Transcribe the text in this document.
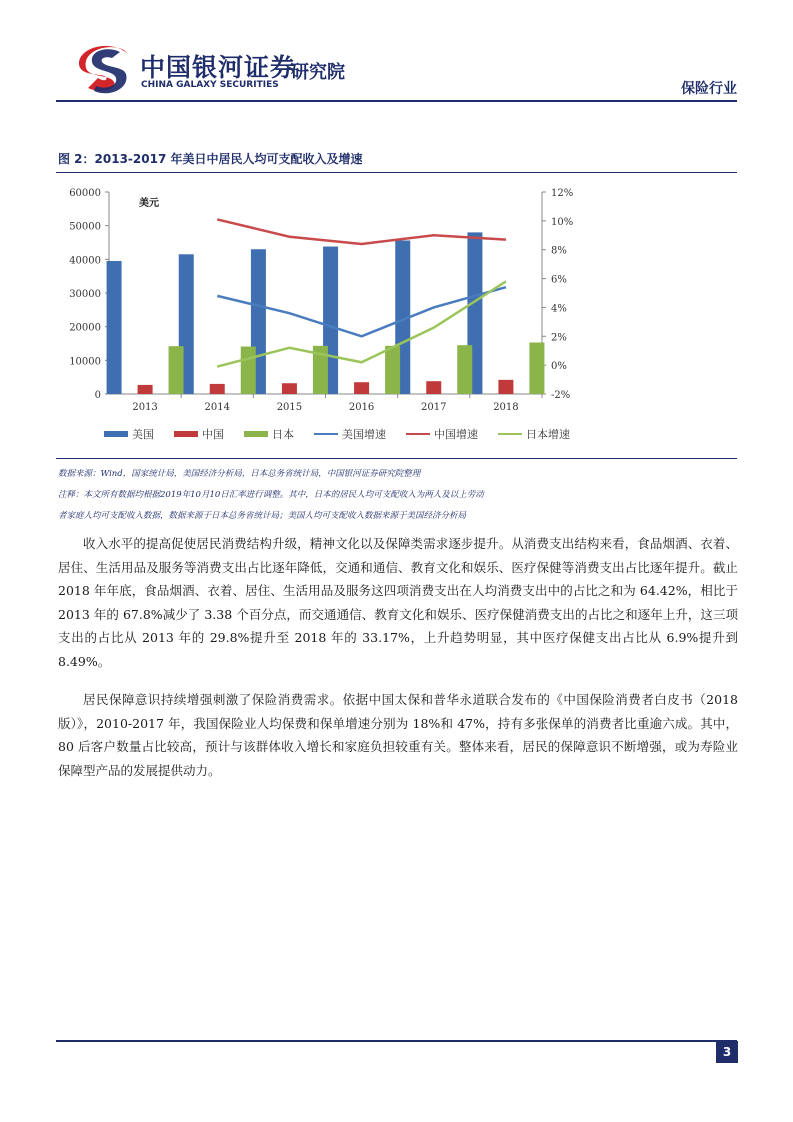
中国银河证券
CHINA GALAXY SECURITIES
研究院
保险行业
图 2：2013-2017 年美日中居民人均可支配收入及增速
0
10000
20000
30000
40000
50000
60000
-2%
0%
2%
4%
6%
8%
10%
12%
美元
2013	2014	2015	2016	2017	2018
美国	中国	日本	美国增速	中国增速	日本增速
数据来源：Wind，国家统计局，美国经济分析局，日本总务省统计局，中国银河证券研究院整理
注释：本文所有数据均根据2019年10月10日汇率进行调整。其中，日本的居民人均可支配收入为两人及以上劳动
者家庭人均可支配收入数据，数据来源于日本总务省统计局；美国人均可支配收入数据来源于美国经济分析局

收入水平的提高促使居民消费结构升级，精神文化以及保障类需求逐步提升。从消费支出结构来看，食品烟酒、衣着、居住、生活用品及服务等消费支出占比逐年降低，交通和通信、教育文化和娱乐、医疗保健等消费支出占比逐年提升。截止 2018 年年底，食品烟酒、衣着、居住、生活用品及服务这四项消费支出在人均消费支出中的占比之和为 64.42%，相比于 2013 年的 67.8%减少了 3.38 个百分点，而交通通信、教育文化和娱乐、医疗保健消费支出的占比之和逐年上升，这三项支出的占比从 2013 年的 29.8%提升至 2018 年的 33.17%，上升趋势明显，其中医疗保健支出占比从 6.9%提升到 8.49%。

居民保障意识持续增强刺激了保险消费需求。依据中国太保和普华永道联合发布的《中国保险消费者白皮书（2018 版）》，2010-2017 年，我国保险业人均保费和保单增速分别为 18%和 47%，持有多张保单的消费者比重逾六成。其中，80 后客户数量占比较高，预计与该群体收入增长和家庭负担较重有关。整体来看，居民的保障意识不断增强，或为寿险业保障型产品的发展提供动力。

3
